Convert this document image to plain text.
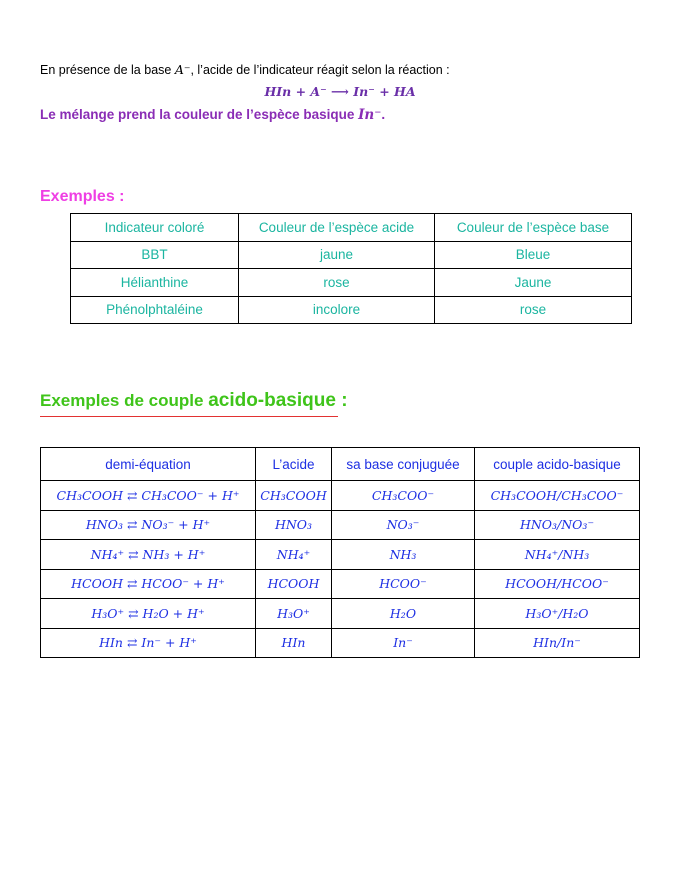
En présence de la base A⁻, l’acide de l’indicateur réagit selon la réaction :
HIn + A⁻ ⟶ In⁻ + HA
Le mélange prend la couleur de l’espèce basique In⁻.
Exemples :
Indicateur coloré	Couleur de l’espèce acide	Couleur de l’espèce base
BBT	jaune	Bleue
Hélianthine	rose	Jaune
Phénolphtaléine	incolore	rose
Exemples de couple acido-basique :
demi-équation	L’acide	sa base conjuguée	couple acido-basique
CH₃COOH ⇄ CH₃COO⁻ + H⁺	CH₃COOH	CH₃COO⁻	CH₃COOH/CH₃COO⁻
HNO₃ ⇄ NO₃⁻ + H⁺	HNO₃	NO₃⁻	HNO₃/NO₃⁻
NH₄⁺ ⇄ NH₃ + H⁺	NH₄⁺	NH₃	NH₄⁺/NH₃
HCOOH ⇄ HCOO⁻ + H⁺	HCOOH	HCOO⁻	HCOOH/HCOO⁻
H₃O⁺ ⇄ H₂O + H⁺	H₃O⁺	H₂O	H₃O⁺/H₂O
HIn ⇄ In⁻ + H⁺	HIn	In⁻	HIn/In⁻
